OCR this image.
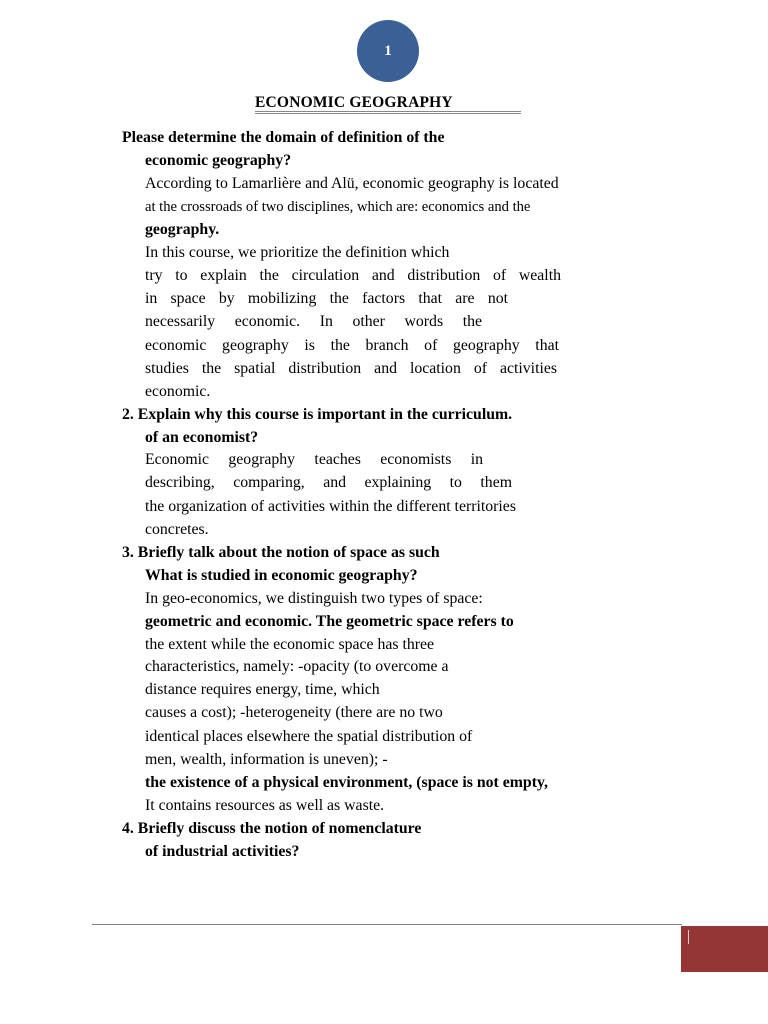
1
ECONOMIC GEOGRAPHY
Please determine the domain of definition of the
economic geography?
According to Lamarlière and Alü, economic geography is located
at the crossroads of two disciplines, which are: economics and the
geography.
In this course, we prioritize the definition which
try to explain the circulation and distribution of wealth
in space by mobilizing the factors that are not
necessarily economic. In other words the
economic geography is the branch of geography that
studies the spatial distribution and location of activities
economic.
2. Explain why this course is important in the curriculum.
of an economist?
Economic geography teaches economists in
describing, comparing, and explaining to them
the organization of activities within the different territories
concretes.
3. Briefly talk about the notion of space as such
What is studied in economic geography?
In geo-economics, we distinguish two types of space:
geometric and economic. The geometric space refers to
the extent while the economic space has three
characteristics, namely: -opacity (to overcome a
distance requires energy, time, which
causes a cost); -heterogeneity (there are no two
identical places elsewhere the spatial distribution of
men, wealth, information is uneven); -
the existence of a physical environment, (space is not empty,
It contains resources as well as waste.
4. Briefly discuss the notion of nomenclature
of industrial activities?
